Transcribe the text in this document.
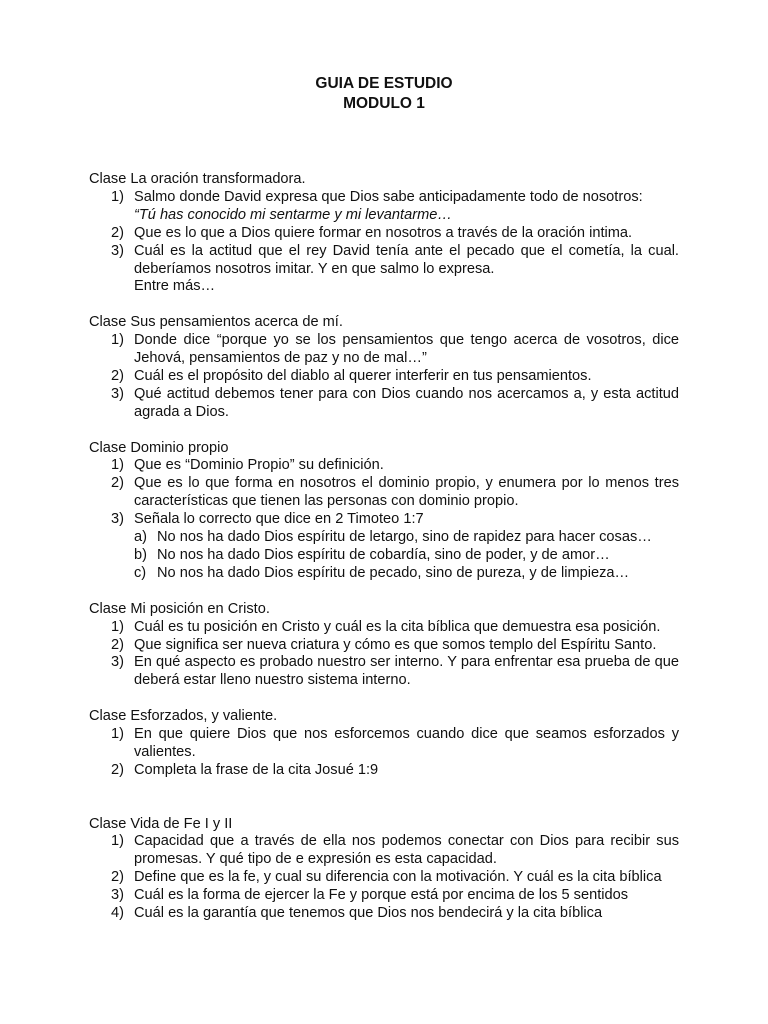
GUIA DE ESTUDIO
MODULO 1
Clase La oración transformadora.
1) Salmo donde David expresa que Dios sabe anticipadamente todo de nosotros:
“Tú has conocido mi sentarme y mi levantarme…
2) Que es lo que a Dios quiere formar en nosotros a través de la oración intima.
3) Cuál es la actitud que el rey David tenía ante el pecado que el cometía, la cual. deberíamos nosotros imitar. Y en que salmo lo expresa.
Entre más…
Clase Sus pensamientos acerca de mí.
1) Donde dice “porque yo se los pensamientos que tengo acerca de vosotros, dice Jehová, pensamientos de paz y no de mal…”
2) Cuál es el propósito del diablo al querer interferir en tus pensamientos.
3) Qué actitud debemos tener para con Dios cuando nos acercamos a, y esta actitud agrada a Dios.
Clase Dominio propio
1) Que es “Dominio Propio” su definición.
2) Que es lo que forma en nosotros el dominio propio, y enumera por lo menos tres características que tienen las personas con dominio propio.
3) Señala lo correcto que dice en 2 Timoteo 1:7
a) No nos ha dado Dios espíritu de letargo, sino de rapidez para hacer cosas…
b) No nos ha dado Dios espíritu de cobardía, sino de poder, y de amor…
c) No nos ha dado Dios espíritu de pecado, sino de pureza, y de limpieza…
Clase Mi posición en Cristo.
1) Cuál es tu posición en Cristo y cuál es la cita bíblica que demuestra esa posición.
2) Que significa ser nueva criatura y cómo es que somos templo del Espíritu Santo.
3) En qué aspecto es probado nuestro ser interno. Y para enfrentar esa prueba de que deberá estar lleno nuestro sistema interno.
Clase Esforzados, y valiente.
1) En que quiere Dios que nos esforcemos cuando dice que seamos esforzados y valientes.
2) Completa la frase de la cita Josué 1:9
Clase Vida de Fe I y II
1) Capacidad que a través de ella nos podemos conectar con Dios para recibir sus promesas. Y qué tipo de e expresión es esta capacidad.
2) Define que es la fe, y cual su diferencia con la motivación. Y cuál es la cita bíblica
3) Cuál es la forma de ejercer la Fe y porque está por encima de los 5 sentidos
4) Cuál es la garantía que tenemos que Dios nos bendecirá y la cita bíblica
